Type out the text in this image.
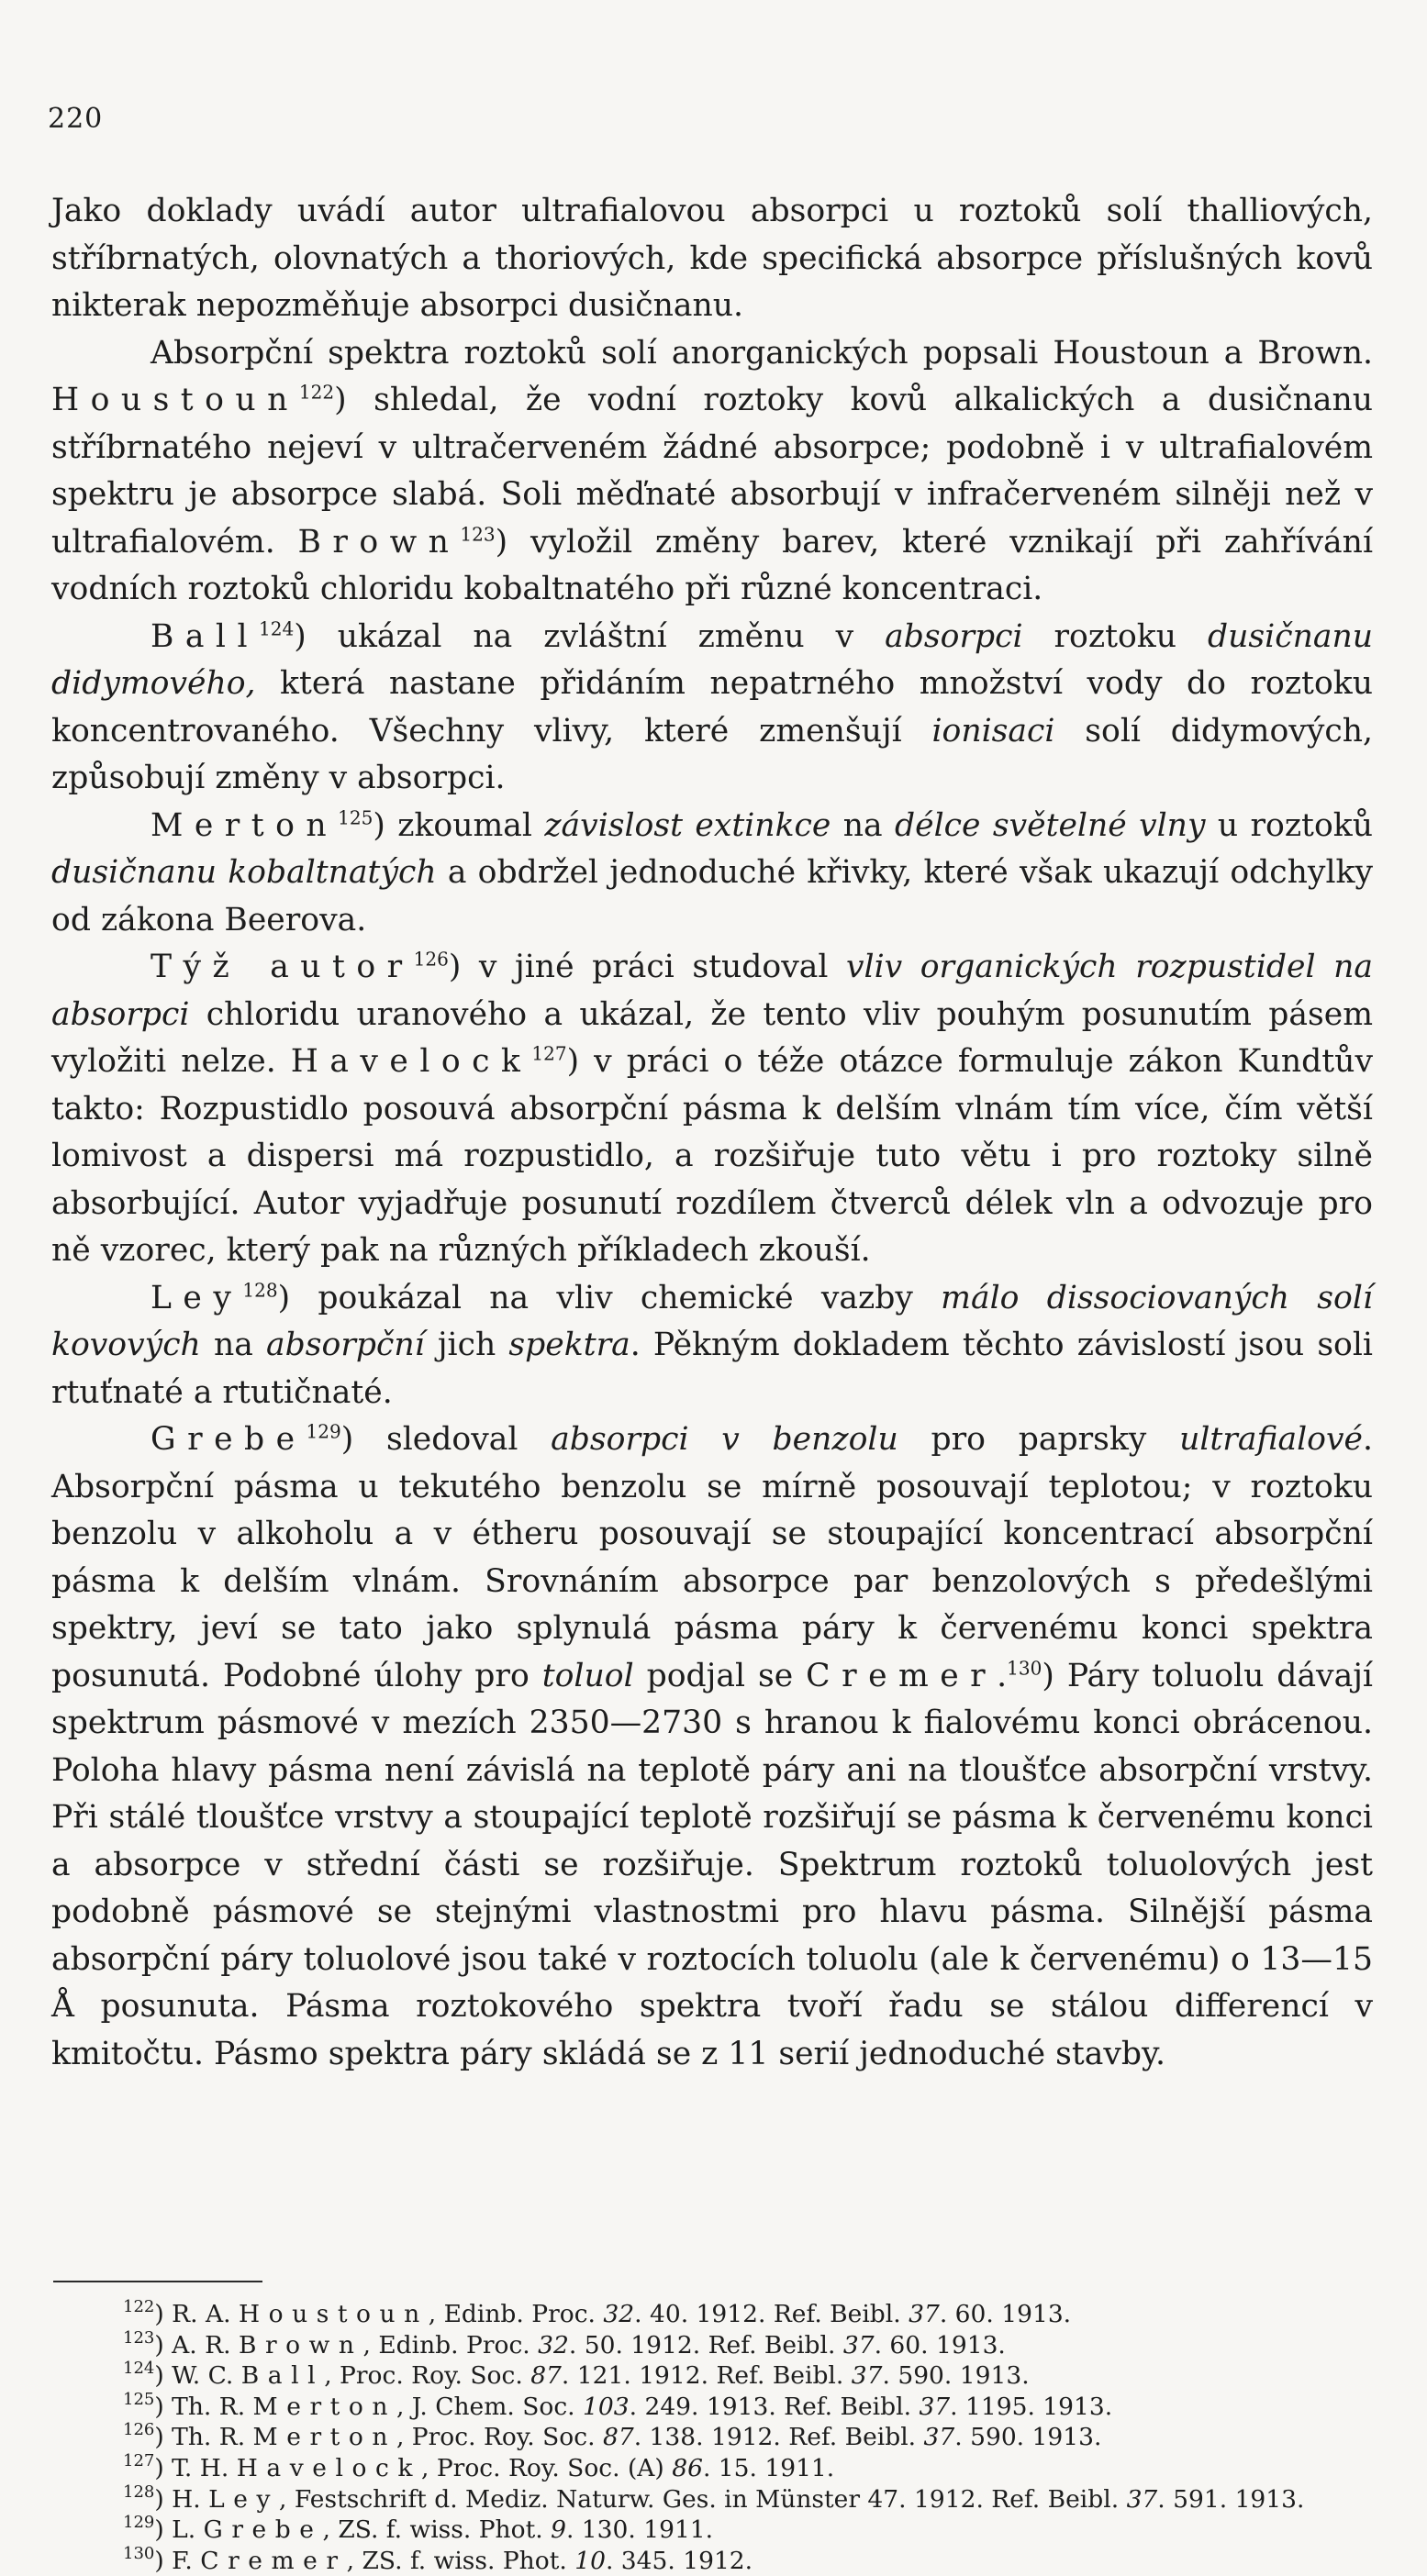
220

Jako doklady uvádí autor ultrafialovou absorpci u roztoků solí thalliových, stříbrnatých, olovnatých a thoriových, kde specifická absorpce příslušných kovů nikterak nepozměňuje absorpci dusičnanu.

Absorpční spektra roztoků solí anorganických popsali Houstoun a Brown. Houstoun$^{122}$) shledal, že vodní roztoky kovů alkalických a dusičnanu stříbrnatého nejeví v ultračerveném žádné absorpce; podobně i v ultrafialovém spektru je absorpce slabá. Soli měďnaté absorbují v infračerveném silněji než v ultrafialovém. Brown$^{123}$) vyložil změny barev, které vznikají při zahřívání vodních roztoků chloridu kobaltnatého při různé koncentraci.

Ball$^{124}$) ukázal na zvláštní změnu v absorpci roztoku dusičnanu didymového, která nastane přidáním nepatrného množství vody do roztoku koncentrovaného. Všechny vlivy, které zmenšují ionisaci solí didymových, způsobují změny v absorpci.

Merton$^{125}$) zkoumal závislost extinkce na délce světelné vlny u roztoků dusičnanu kobaltnatých a obdržel jednoduché křivky, které však ukazují odchylky od zákona Beerova.

Týž autor$^{126}$) v jiné práci studoval vliv organických rozpustidel na absorpci chloridu uranového a ukázal, že tento vliv pouhým posunutím pásem vyložiti nelze. Havelock$^{127}$) v práci o téže otázce formuluje zákon Kundtův takto: Rozpustidlo posouvá absorpční pásma k delším vlnám tím více, čím větší lomivost a dispersi má rozpustidlo, a rozšiřuje tuto větu i pro roztoky silně absorbující. Autor vyjadřuje posunutí rozdílem čtverců délek vln a odvozuje pro ně vzorec, který pak na různých příkladech zkouší.

Ley$^{128}$) poukázal na vliv chemické vazby málo dissociovaných solí kovových na absorpční jich spektra. Pěkným dokladem těchto závislostí jsou soli rtuťnaté a rtutičnaté.

Grebe$^{129}$) sledoval absorpci v benzolu pro paprsky ultrafialové. Absorpční pásma u tekutého benzolu se mírně posouvají teplotou; v roztoku benzolu v alkoholu a v étheru posouvají se stoupající koncentrací absorpční pásma k delším vlnám. Srovnáním absorpce par benzolových s předešlými spektry, jeví se tato jako splynulá pásma páry k červenému konci spektra posunutá. Podobné úlohy pro toluol podjal se Cremer.$^{130}$) Páry toluolu dávají spektrum pásmové v mezích 2350—2730 s hranou k fialovému konci obrácenou. Poloha hlavy pásma není závislá na teplotě páry ani na tloušťce absorpční vrstvy. Při stálé tloušťce vrstvy a stoupající teplotě rozšiřují se pásma k červenému konci a absorpce v střední části se rozšiřuje. Spektrum roztoků toluolových jest podobně pásmové se stejnými vlastnostmi pro hlavu pásma. Silnější pásma absorpční páry toluolové jsou také v roztocích toluolu (ale k červenému) o 13—15 Å posunuta. Pásma roztokového spektra tvoří řadu se stálou differencí v kmitočtu. Pásmo spektra páry skládá se z 11 serií jednoduché stavby.

$^{122}$) R. A. Houstoun, Edinb. Proc. 32. 40. 1912. Ref. Beibl. 37. 60. 1913.
$^{123}$) A. R. Brown, Edinb. Proc. 32. 50. 1912. Ref. Beibl. 37. 60. 1913.
$^{124}$) W. C. Ball, Proc. Roy. Soc. 87. 121. 1912. Ref. Beibl. 37. 590. 1913.
$^{125}$) Th. R. Merton, J. Chem. Soc. 103. 249. 1913. Ref. Beibl. 37. 1195. 1913.
$^{126}$) Th. R. Merton, Proc. Roy. Soc. 87. 138. 1912. Ref. Beibl. 37. 590. 1913.
$^{127}$) T. H. Havelock, Proc. Roy. Soc. (A) 86. 15. 1911.
$^{128}$) H. Ley, Festschrift d. Mediz. Naturw. Ges. in Münster 47. 1912. Ref. Beibl. 37. 591. 1913.
$^{129}$) L. Grebe, ZS. f. wiss. Phot. 9. 130. 1911.
$^{130}$) F. Cremer, ZS. f. wiss. Phot. 10. 345. 1912.
